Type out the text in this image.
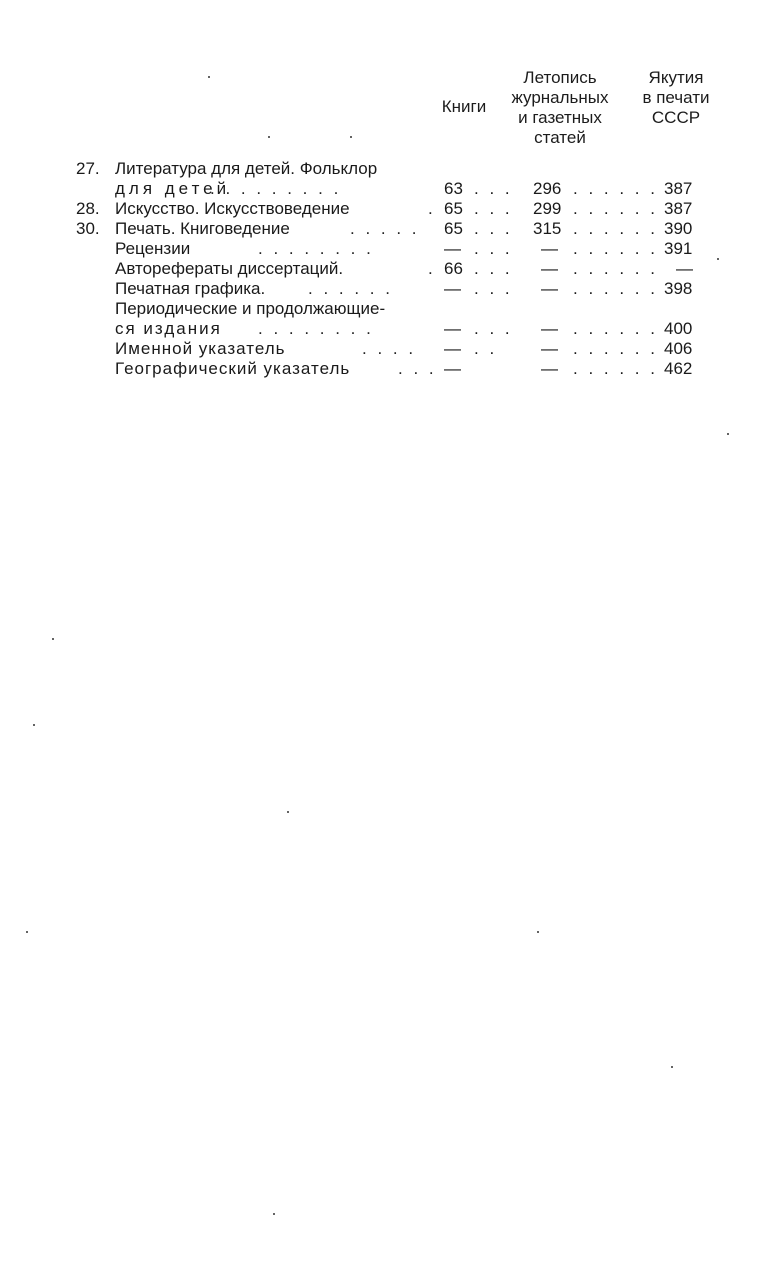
Книги
Летопись
журнальных
и газетных
статей
Якутия
в печати
СССР
27. Литература для детей. Фольклор
для детей
. . . . . . . . .	63 . . . 296 . . . . . . 387
28. Искусство. Искусствоведение	. 65 . . . 299 . . . . . . 387
30. Печать. Книговедение	. . . . . 65 . . . 315 . . . . . . 390
Рецензии	. . . . . . . .	— . . . — . . . . . . 391
Авторефераты диссертаций.	. 66 . . . — . . . . . . —
Печатная графика.	. . . . . .	— . . . — . . . . . . 398
Периодические и продолжающие-
ся издания . . . . . . . .	— . . . — . . . . . . 400
Именной указатель	. . . . — . .	— . . . . . . 406
Географический указатель	. . . —	— . . . . . . 462
